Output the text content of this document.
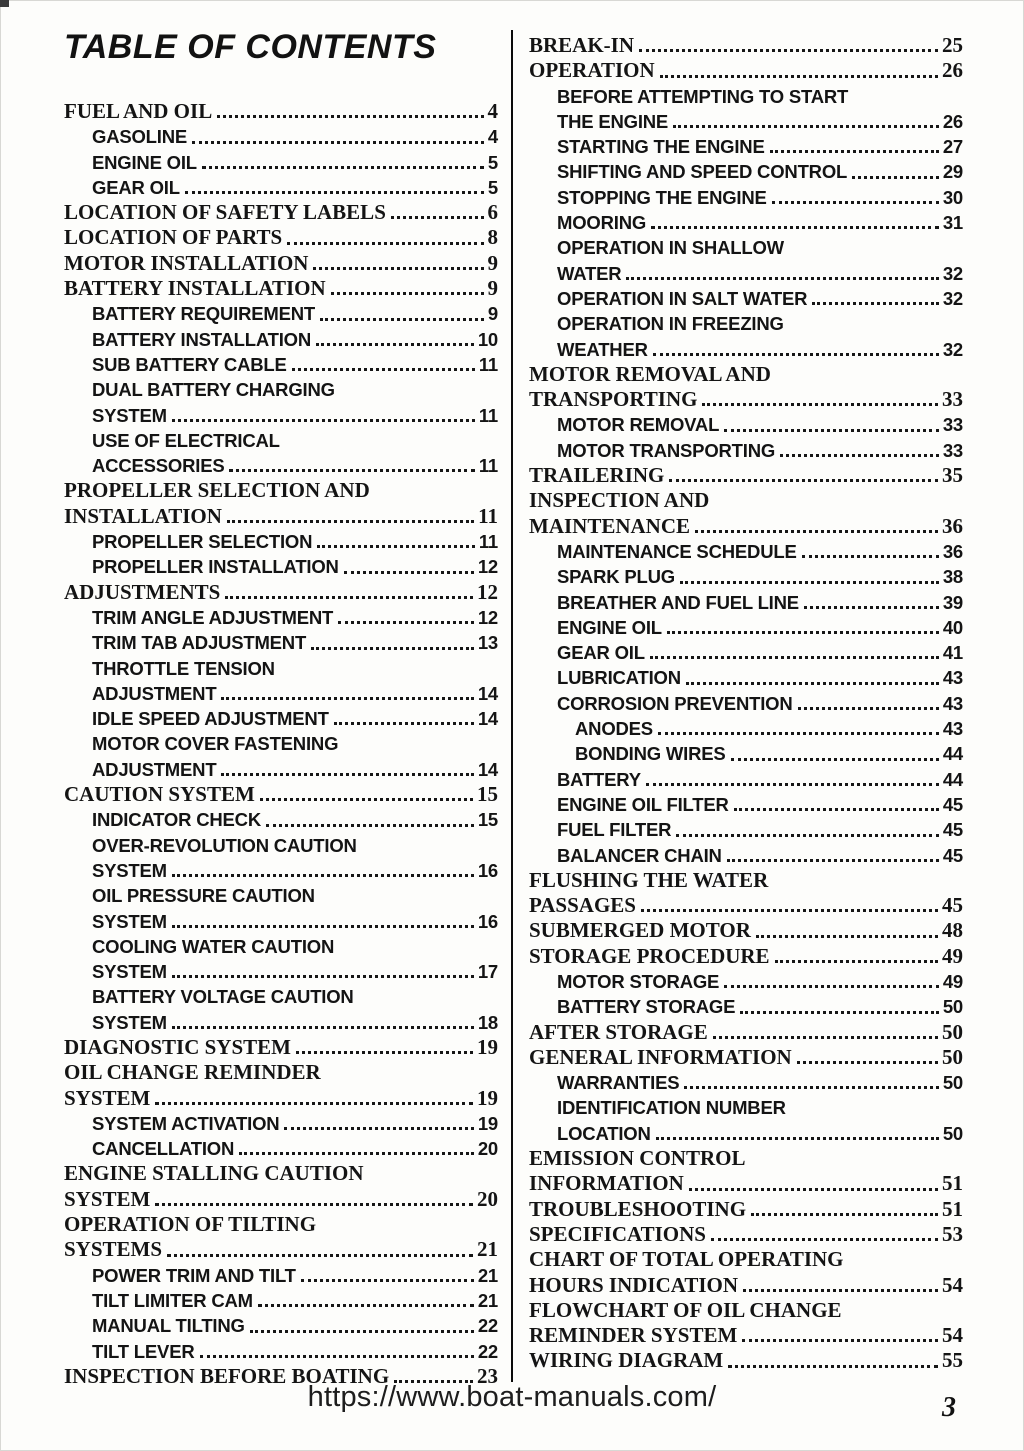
TABLE OF CONTENTS
FUEL AND OIL	4
GASOLINE	4
ENGINE OIL	5
GEAR OIL	5
LOCATION OF SAFETY LABELS	6
LOCATION OF PARTS	8
MOTOR INSTALLATION	9
BATTERY INSTALLATION	9
BATTERY REQUIREMENT	9
BATTERY INSTALLATION	10
SUB BATTERY CABLE	11
DUAL BATTERY CHARGING
SYSTEM	11
USE OF ELECTRICAL
ACCESSORIES	11
PROPELLER SELECTION AND
INSTALLATION	11
PROPELLER SELECTION	11
PROPELLER INSTALLATION	12
ADJUSTMENTS	12
TRIM ANGLE ADJUSTMENT	12
TRIM TAB ADJUSTMENT	13
THROTTLE TENSION
ADJUSTMENT	14
IDLE SPEED ADJUSTMENT	14
MOTOR COVER FASTENING
ADJUSTMENT	14
CAUTION SYSTEM	15
INDICATOR CHECK	15
OVER-REVOLUTION CAUTION
SYSTEM	16
OIL PRESSURE CAUTION
SYSTEM	16
COOLING WATER CAUTION
SYSTEM	17
BATTERY VOLTAGE CAUTION
SYSTEM	18
DIAGNOSTIC SYSTEM	19
OIL CHANGE REMINDER
SYSTEM	19
SYSTEM ACTIVATION	19
CANCELLATION	20
ENGINE STALLING CAUTION
SYSTEM	20
OPERATION OF TILTING
SYSTEMS	21
POWER TRIM AND TILT	21
TILT LIMITER CAM	21
MANUAL TILTING	22
TILT LEVER	22
INSPECTION BEFORE BOATING	23
BREAK-IN	25
OPERATION	26
BEFORE ATTEMPTING TO START
THE ENGINE	26
STARTING THE ENGINE	27
SHIFTING AND SPEED CONTROL	29
STOPPING THE ENGINE	30
MOORING	31
OPERATION IN SHALLOW
WATER	32
OPERATION IN SALT WATER	32
OPERATION IN FREEZING
WEATHER	32
MOTOR REMOVAL AND
TRANSPORTING	33
MOTOR REMOVAL	33
MOTOR TRANSPORTING	33
TRAILERING	35
INSPECTION AND
MAINTENANCE	36
MAINTENANCE SCHEDULE	36
SPARK PLUG	38
BREATHER AND FUEL LINE	39
ENGINE OIL	40
GEAR OIL	41
LUBRICATION	43
CORROSION PREVENTION	43
ANODES	43
BONDING WIRES	44
BATTERY	44
ENGINE OIL FILTER	45
FUEL FILTER	45
BALANCER CHAIN	45
FLUSHING THE WATER
PASSAGES	45
SUBMERGED MOTOR	48
STORAGE PROCEDURE	49
MOTOR STORAGE	49
BATTERY STORAGE	50
AFTER STORAGE	50
GENERAL INFORMATION	50
WARRANTIES	50
IDENTIFICATION NUMBER
LOCATION	50
EMISSION CONTROL
INFORMATION	51
TROUBLESHOOTING	51
SPECIFICATIONS	53
CHART OF TOTAL OPERATING
HOURS INDICATION	54
FLOWCHART OF OIL CHANGE
REMINDER SYSTEM	54
WIRING DIAGRAM	55
https://www.boat-manuals.com/	3
